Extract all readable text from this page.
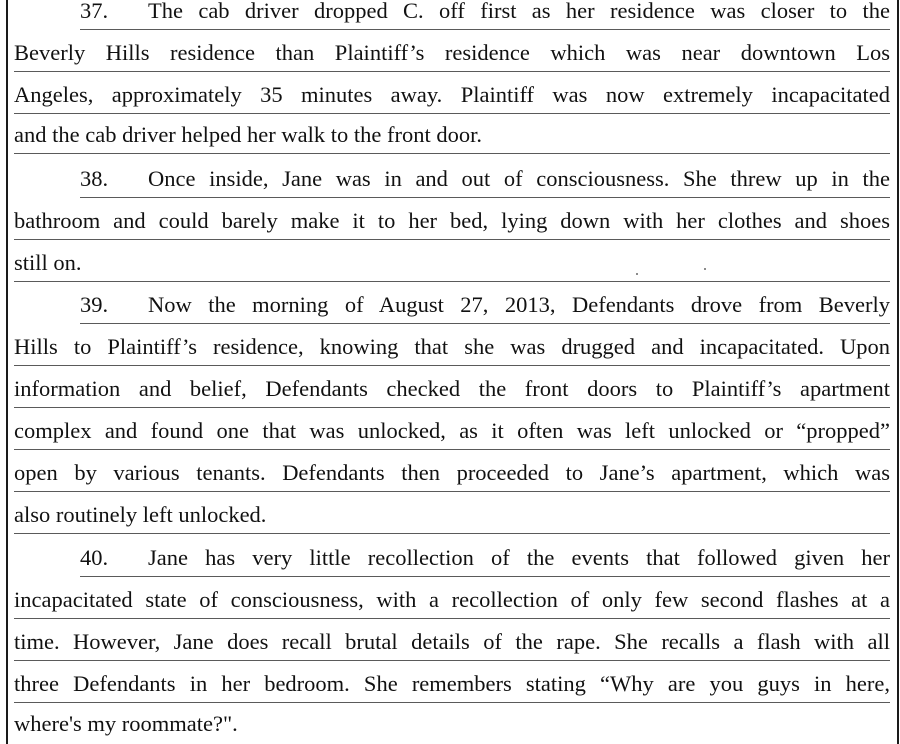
37. The cab driver dropped C. off first as her residence was closer to the
Beverly Hills residence than Plaintiff’s residence which was near downtown Los
Angeles, approximately 35 minutes away. Plaintiff was now extremely incapacitated
and the cab driver helped her walk to the front door.
38. Once inside, Jane was in and out of consciousness. She threw up in the
bathroom and could barely make it to her bed, lying down with her clothes and shoes
still on.
39. Now the morning of August 27, 2013, Defendants drove from Beverly
Hills to Plaintiff’s residence, knowing that she was drugged and incapacitated. Upon
information and belief, Defendants checked the front doors to Plaintiff’s apartment
complex and found one that was unlocked, as it often was left unlocked or “propped”
open by various tenants. Defendants then proceeded to Jane’s apartment, which was
also routinely left unlocked.
40. Jane has very little recollection of the events that followed given her
incapacitated state of consciousness, with a recollection of only few second flashes at a
time. However, Jane does recall brutal details of the rape. She recalls a flash with all
three Defendants in her bedroom. She remembers stating “Why are you guys in here,
where's my roommate?".
